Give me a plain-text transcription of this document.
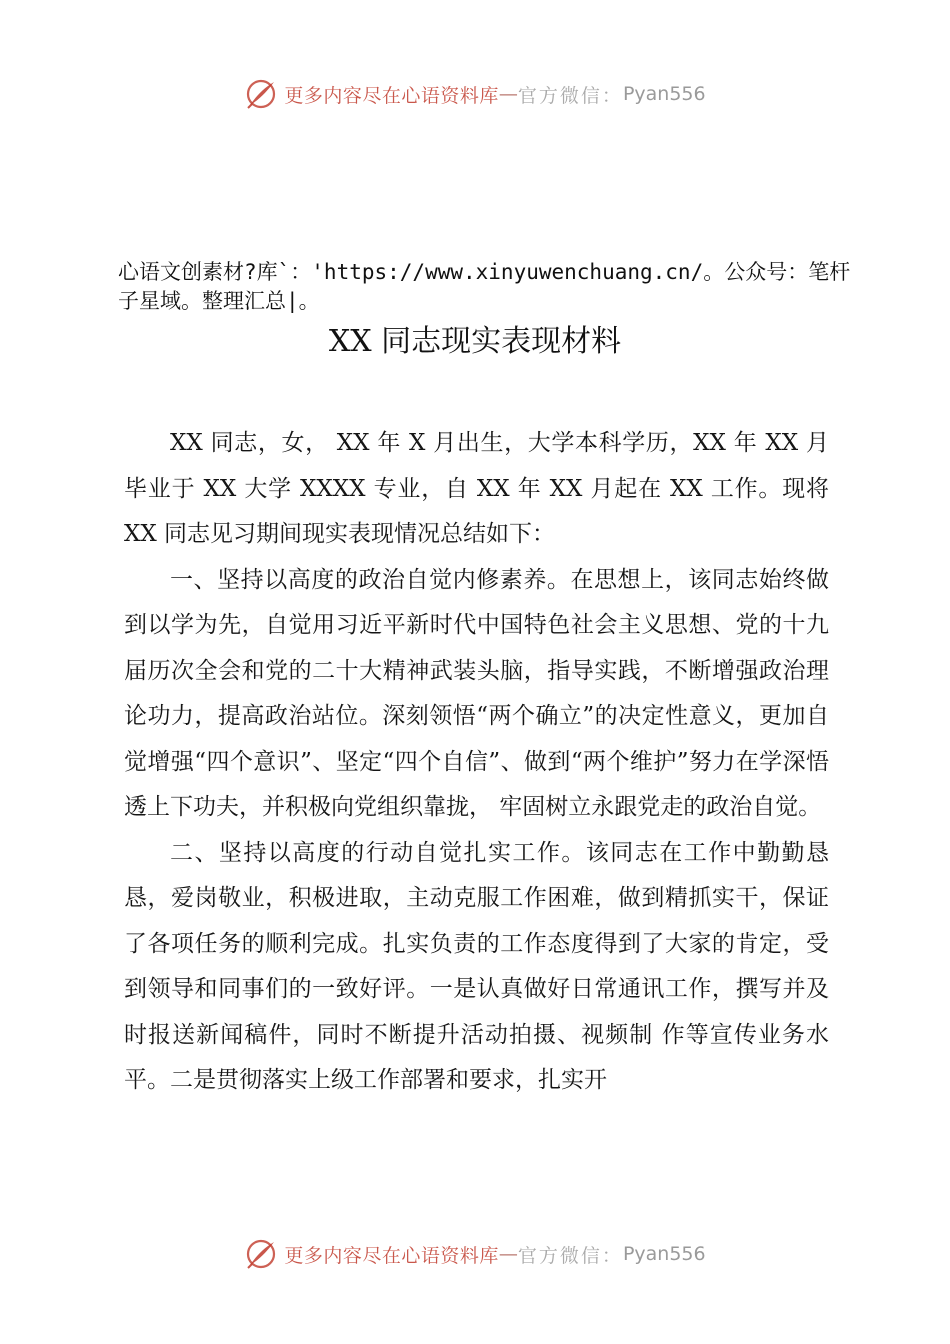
更多内容尽在心语资料库 — 官方微信： Pyan556

心语文创素材?库`：'https://www.xinyuwenchuang.cn/。公众号：笔杆子星域。整理汇总|。

XX 同志现实表现材料

XX 同志，女， XX 年 X 月出生，大学本科学历，XX 年 XX 月毕业于 XX 大学 XXXX 专业，自 XX 年 XX 月起在 XX 工作。现将 XX 同志见习期间现实表现情况总结如下：

一、坚持以高度的政治自觉内修素养。在思想上，该同志始终做到以学为先，自觉用习近平新时代中国特色社会主义思想、党的十九届历次全会和党的二十大精神武装头脑，指导实践，不断增强政治理论功力，提高政治站位。深刻领悟“两个确立”的决定性意义，更加自觉增强“四个意识”、坚定“四个自信”、做到“两个维护”努力在学深悟透上下功夫，并积极向党组织靠拢， 牢固树立永跟党走的政治自觉。

二、坚持以高度的行动自觉扎实工作。该同志在工作中勤勤恳恳，爱岗敬业，积极进取，主动克服工作困难，做到精抓实干，保证了各项任务的顺利完成。扎实负责的工作态度得到了大家的肯定，受到领导和同事们的一致好评。一是认真做好日常通讯工作，撰写并及时报送新闻稿件，同时不断提升活动拍摄、视频制 作等宣传业务水平。二是贯彻落实上级工作部署和要求，扎实开

更多内容尽在心语资料库 — 官方微信： Pyan556
